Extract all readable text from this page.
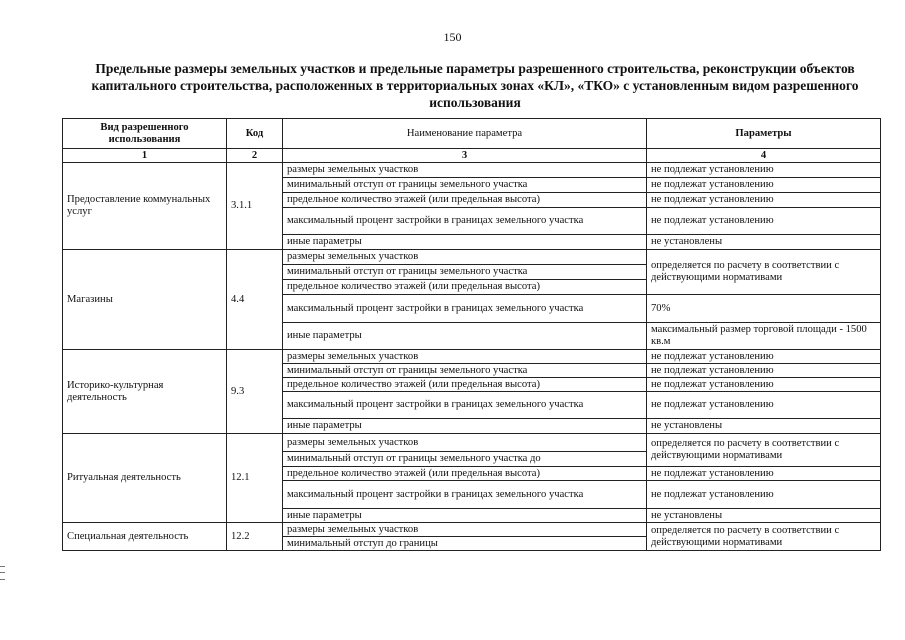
150
Предельные размеры земельных участков и предельные параметры разрешенного строительства, реконструкции объектов капитального строительства, расположенных в территориальных зонах «КЛ», «ТКО» с установленным видом разрешенного использования
Вид разрешенного использования	Код	Наименование параметра	Параметры
1	2	3	4
Предоставление коммунальных услуг	3.1.1	размеры земельных участков	не подлежат установлению
		минимальный отступ от границы земельного участка	не подлежат установлению
		предельное количество этажей (или предельная высота)	не подлежат установлению
		максимальный процент застройки в границах земельного участка	не подлежат установлению
		иные параметры	не установлены
Магазины	4.4	размеры земельных участков	определяется по расчету в соответствии с действующими нормативами
		минимальный отступ от границы земельного участка	
		предельное количество этажей (или предельная высота)	
		максимальный процент застройки в границах земельного участка	70%
		иные параметры	максимальный размер торговой площади - 1500 кв.м
Историко-культурная деятельность	9.3	размеры земельных участков	не подлежат установлению
		минимальный отступ от границы земельного участка	не подлежат установлению
		предельное количество этажей (или предельная высота)	не подлежат установлению
		максимальный процент застройки в границах земельного участка	не подлежат установлению
		иные параметры	не установлены
Ритуальная деятельность	12.1	размеры земельных участков	определяется по расчету в соответствии с действующими нормативами
		минимальный отступ от границы земельного участка до	
		предельное количество этажей (или предельная высота)	не подлежат установлению
		максимальный процент застройки в границах земельного участка	не подлежат установлению
		иные параметры	не установлены
Специальная деятельность	12.2	размеры земельных участков	определяется по расчету в соответствии с действующими нормативами
		минимальный отступ до границы	
